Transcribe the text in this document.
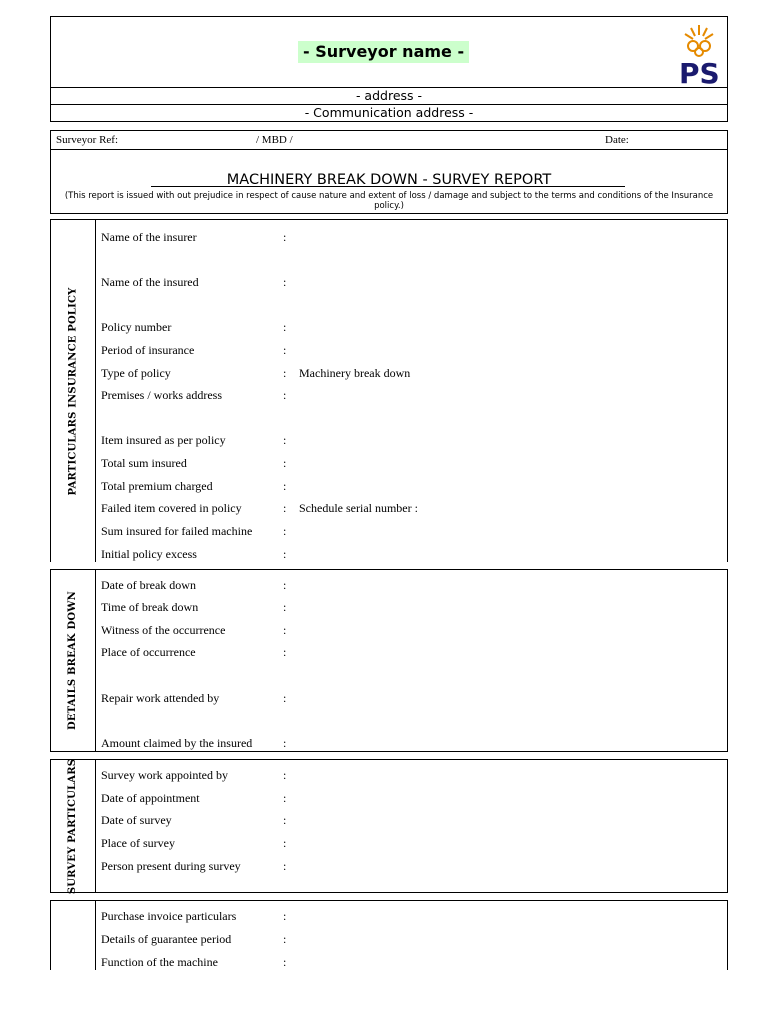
- Surveyor name -
PS
- address -
- Communication address -
Surveyor Ref:	/ MBD /	Date:
MACHINERY BREAK DOWN - SURVEY REPORT
(This report is issued with out prejudice in respect of cause nature and extent of loss / damage and subject to the terms and conditions of the Insurance policy.)
PARTICULARS INSURANCE POLICY
Name of the insurer	:
Name of the insured	:
Policy number	:
Period of insurance	:
Type of policy	: Machinery break down
Premises / works address	:
Item insured as per policy	:
Total sum insured	:
Total premium charged	:
Failed item covered in policy	: Schedule serial number :
Sum insured for failed machine	:
Initial policy excess	:
DETAILS BREAK DOWN
Date of break down	:
Time of break down	:
Witness of the occurrence	:
Place of occurrence	:
Repair work attended by	:
Amount claimed by the insured	:
SURVEY PARTICULARS Survey work appointed by	:
Date of appointment	:
Date of survey	:
Place of survey	:
Person present during survey	:
Purchase invoice particulars	:
Details of guarantee period	:
Function of the machine	:
